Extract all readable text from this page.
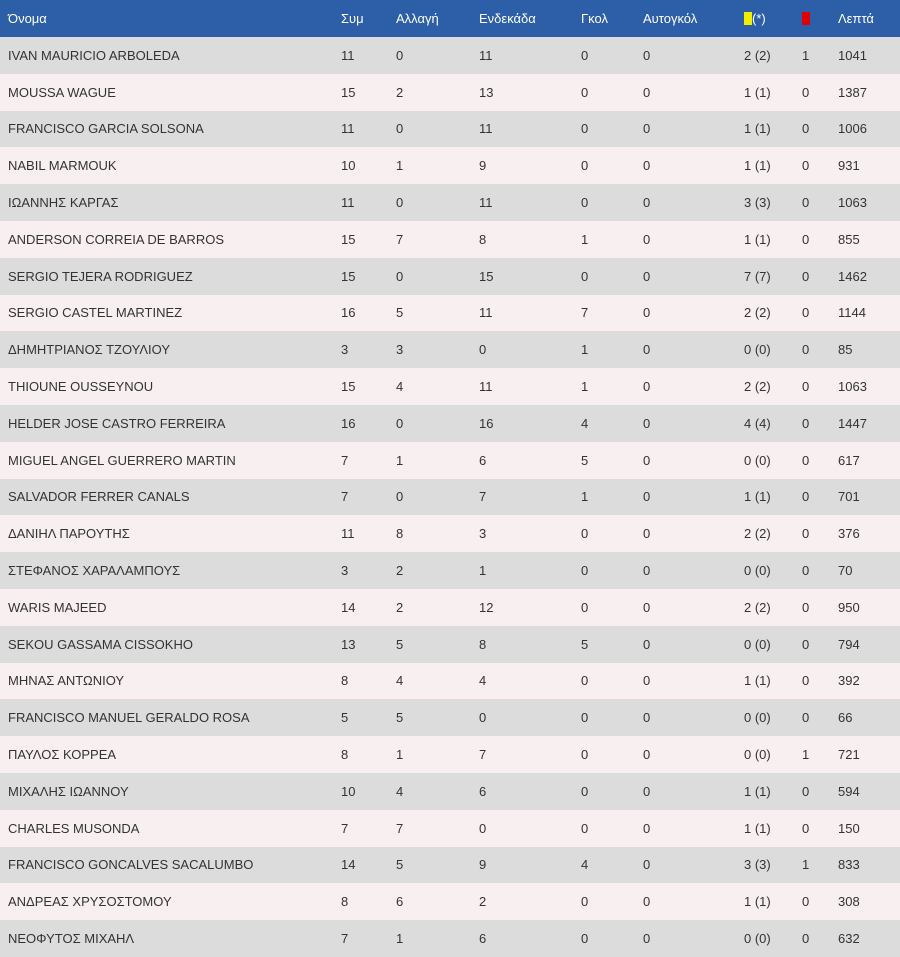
Όνομα	Συμ	Αλλαγή	Ενδεκάδα	Γκολ	Αυτογκόλ	(*)		Λεπτά
IVAN MAURICIO ARBOLEDA	11	0	11	0	0	2 (2)	1	1041
MOUSSA WAGUE	15	2	13	0	0	1 (1)	0	1387
FRANCISCO GARCIA SOLSONA	11	0	11	0	0	1 (1)	0	1006
NABIL MARMOUK	10	1	9	0	0	1 (1)	0	931
ΙΩΑΝΝΗΣ ΚΑΡΓΑΣ	11	0	11	0	0	3 (3)	0	1063
ANDERSON CORREIA DE BARROS	15	7	8	1	0	1 (1)	0	855
SERGIO TEJERA RODRIGUEZ	15	0	15	0	0	7 (7)	0	1462
SERGIO CASTEL MARTINEZ	16	5	11	7	0	2 (2)	0	1144
ΔΗΜΗΤΡΙΑΝΟΣ ΤΖΟΥΛΙΟΥ	3	3	0	1	0	0 (0)	0	85
THIOUNE OUSSEYNOU	15	4	11	1	0	2 (2)	0	1063
HELDER JOSE CASTRO FERREIRA	16	0	16	4	0	4 (4)	0	1447
MIGUEL ANGEL GUERRERO MARTIN	7	1	6	5	0	0 (0)	0	617
SALVADOR FERRER CANALS	7	0	7	1	0	1 (1)	0	701
ΔΑΝΙΗΛ ΠΑΡΟΥΤΗΣ	11	8	3	0	0	2 (2)	0	376
ΣΤΕΦΑΝΟΣ ΧΑΡΑΛΑΜΠΟΥΣ	3	2	1	0	0	0 (0)	0	70
WARIS MAJEED	14	2	12	0	0	2 (2)	0	950
SEKOU GASSAMA CISSOKHO	13	5	8	5	0	0 (0)	0	794
ΜΗΝΑΣ ΑΝΤΩΝΙΟΥ	8	4	4	0	0	1 (1)	0	392
FRANCISCO MANUEL GERALDO ROSA	5	5	0	0	0	0 (0)	0	66
ΠΑΥΛΟΣ ΚΟΡΡΕΑ	8	1	7	0	0	0 (0)	1	721
ΜΙΧΑΛΗΣ ΙΩΑΝΝΟΥ	10	4	6	0	0	1 (1)	0	594
CHARLES MUSONDA	7	7	0	0	0	1 (1)	0	150
FRANCISCO GONCALVES SACALUMBO	14	5	9	4	0	3 (3)	1	833
ΑΝΔΡΕΑΣ ΧΡΥΣΟΣΤΟΜΟΥ	8	6	2	0	0	1 (1)	0	308
ΝΕΟΦΥΤΟΣ ΜΙΧΑΗΛ	7	1	6	0	0	0 (0)	0	632
